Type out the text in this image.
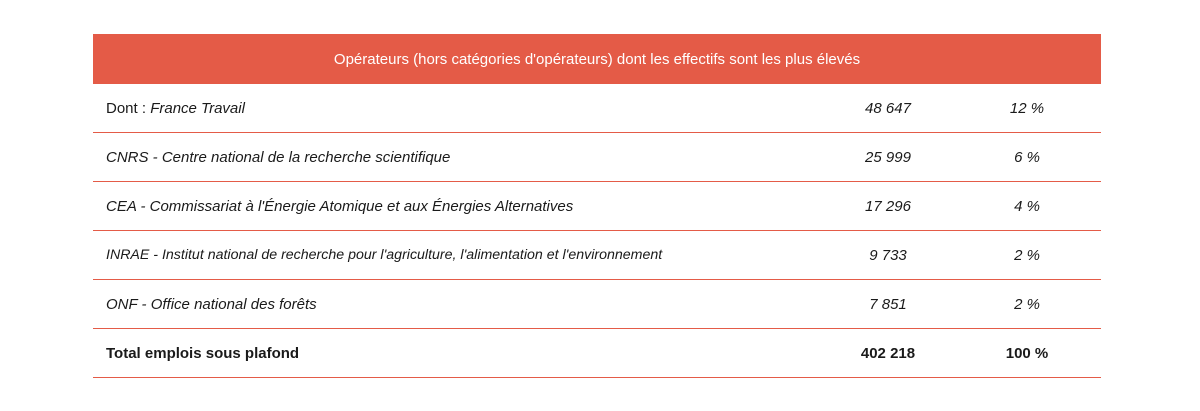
Opérateurs (hors catégories d'opérateurs) dont les effectifs sont les plus élevés		
Dont : France Travail	48 647	12 %
CNRS - Centre national de la recherche scientifique	25 999	6 %
CEA - Commissariat à l'Énergie Atomique et aux Énergies Alternatives	17 296	4 %
INRAE - Institut national de recherche pour l'agriculture, l'alimentation et l'environnement	9 733	2 %
ONF - Office national des forêts	7 851	2 %
Total emplois sous plafond	402 218	100 %
